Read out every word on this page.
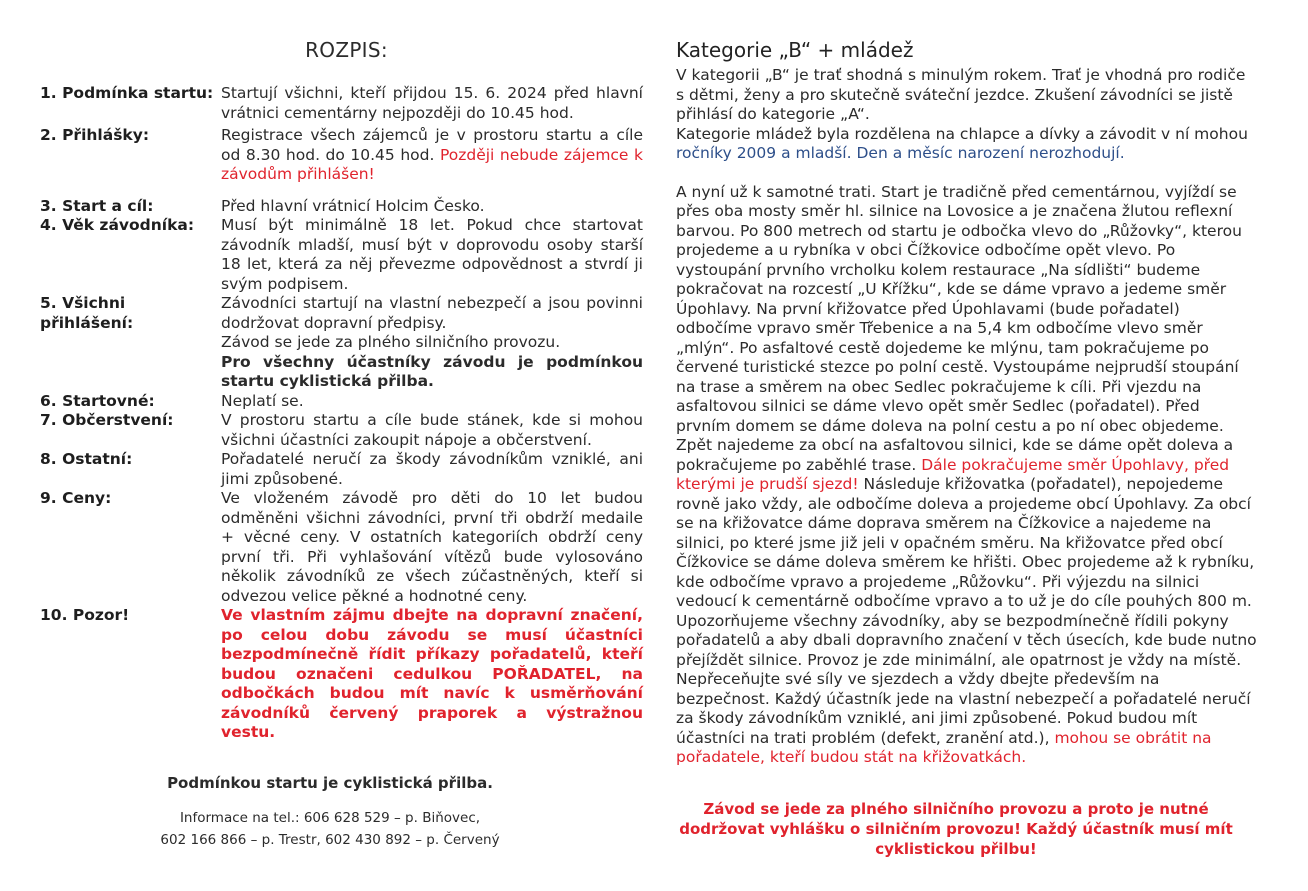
ROZPIS:
1. Podmínka startu: Startují všichni, kteří přijdou 15. 6. 2024 před hlavní vrátnici cementárny nejpozději do 10.45 hod.

2. Přihlášky:	Registrace všech zájemců je v prostoru startu a cíle od 8.30 hod. do 10.45 hod. Později nebude zájemce k závodům přihlášen!

3. Start a cíl:	Před hlavní vrátnicí Holcim Česko.

4. Věk závodníka:	Musí být minimálně 18 let. Pokud chce startovat závodník mladší, musí být v doprovodu osoby starší 18 let, která za něj převezme odpovědnost a stvrdí ji svým podpisem.

5. Všichni přihlášení:

Závodníci startují na vlastní nebezpečí a jsou povinni dodržovat dopravní předpisy.

Závod se jede za plného silničního provozu.

Pro všechny účastníky závodu je podmínkou startu cyklistická přilba.

6. Startovné:	Neplatí se.

7. Občerstvení:	V prostoru startu a cíle bude stánek, kde si mohou všichni účastníci zakoupit nápoje a občerstvení.

8. Ostatní:	Pořadatelé neručí za škody závodníkům vzniklé, ani jimi způsobené.

9. Ceny:	Ve vloženém závodě pro děti do 10 let budou odměněni všichni závodníci, první tři obdrží medaile + věcné ceny. V ostatních kategoriích obdrží ceny první tři. Při vyhlašování vítězů bude vylosováno několik závodníků ze všech zúčastněných, kteří si odvezou velice pěkné a hodnotné ceny.

10. Pozor!	Ve vlastním zájmu dbejte na dopravní značení, po celou dobu závodu se musí účastníci bezpodmínečně řídit příkazy pořadatelů, kteří budou označeni cedulkou POŘADATEL, na odbočkách budou mít navíc k usměrňování závodníků červený praporek a výstražnou vestu.

Podmínkou startu je cyklistická přilba.
Informace na tel.: 606 628 529 – p. Biňovec,
602 166 866 – p. Trestr, 602 430 892 – p. Červený
Kategorie „B“ + mládež

V kategorii „B“ je trať shodná s minulým rokem. Trať je vhodná pro rodiče s dětmi, ženy a pro skutečně sváteční jezdce. Zkušení závodníci se jistě přihlásí do kategorie „A“.

Kategorie mládež byla rozdělena na chlapce a dívky a závodit v ní mohou ročníky 2009 a mladší. Den a měsíc narození nerozhodují.

A nyní už k samotné trati. Start je tradičně před cementárnou, vyjíždí se přes oba mosty směr hl. silnice na Lovosice a je značena žlutou reflexní barvou. Po 800 metrech od startu je odbočka vlevo do „Růžovky“, kterou projedeme a u rybníka v obci Čížkovice odbočíme opět vlevo. Po vystoupání prvního vrcholku kolem restaurace „Na sídlišti“ budeme pokračovat na rozcestí „U Křížku“, kde se dáme vpravo a jedeme směr Úpohlavy. Na první křižovatce před Úpohlavami (bude pořadatel) odbočíme vpravo směr Třebenice a na 5,4 km odbočíme vlevo směr „mlýn“. Po asfaltové cestě dojedeme ke mlýnu, tam pokračujeme po červené turistické stezce po polní cestě. Vystoupáme nejprudší stoupání na trase a směrem na obec Sedlec pokračujeme k cíli. Při vjezdu na asfaltovou silnici se dáme vlevo opět směr Sedlec (pořadatel). Před prvním domem se dáme doleva na polní cestu a po ní obec objedeme. Zpět najedeme za obcí na asfaltovou silnici, kde se dáme opět doleva a pokračujeme po zaběhlé trase. Dále pokračujeme směr Úpohlavy, před kterými je prudší sjezd! Následuje křižovatka (pořadatel), nepojedeme rovně jako vždy, ale odbočíme doleva a projedeme obcí Úpohlavy. Za obcí se na křižovatce dáme doprava směrem na Čížkovice a najedeme na silnici, po které jsme již jeli v opačném směru. Na křižovatce před obcí Čížkovice se dáme doleva směrem ke hřišti. Obec projedeme až k rybníku, kde odbočíme vpravo a projedeme „Růžovku“. Při výjezdu na silnici vedoucí k cementárně odbočíme vpravo a to už je do cíle pouhých 800 m. Upozorňujeme všechny závodníky, aby se bezpodmínečně řídili pokyny pořadatelů a aby dbali dopravního značení v těch úsecích, kde bude nutno přejíždět silnice. Provoz je zde minimální, ale opatrnost je vždy na místě. Nepřeceňujte své síly ve sjezdech a vždy dbejte především na bezpečnost. Každý účastník jede na vlastní nebezpečí a pořadatelé neručí za škody závodníkům vzniklé, ani jimi způsobené. Pokud budou mít účastníci na trati problém (defekt, zranění atd.), mohou se obrátit na pořadatele, kteří budou stát na křižovatkách.

Závod se jede za plného silničního provozu a proto je nutné dodržovat vyhlášku o silničním provozu! Každý účastník musí mít cyklistickou přilbu!
